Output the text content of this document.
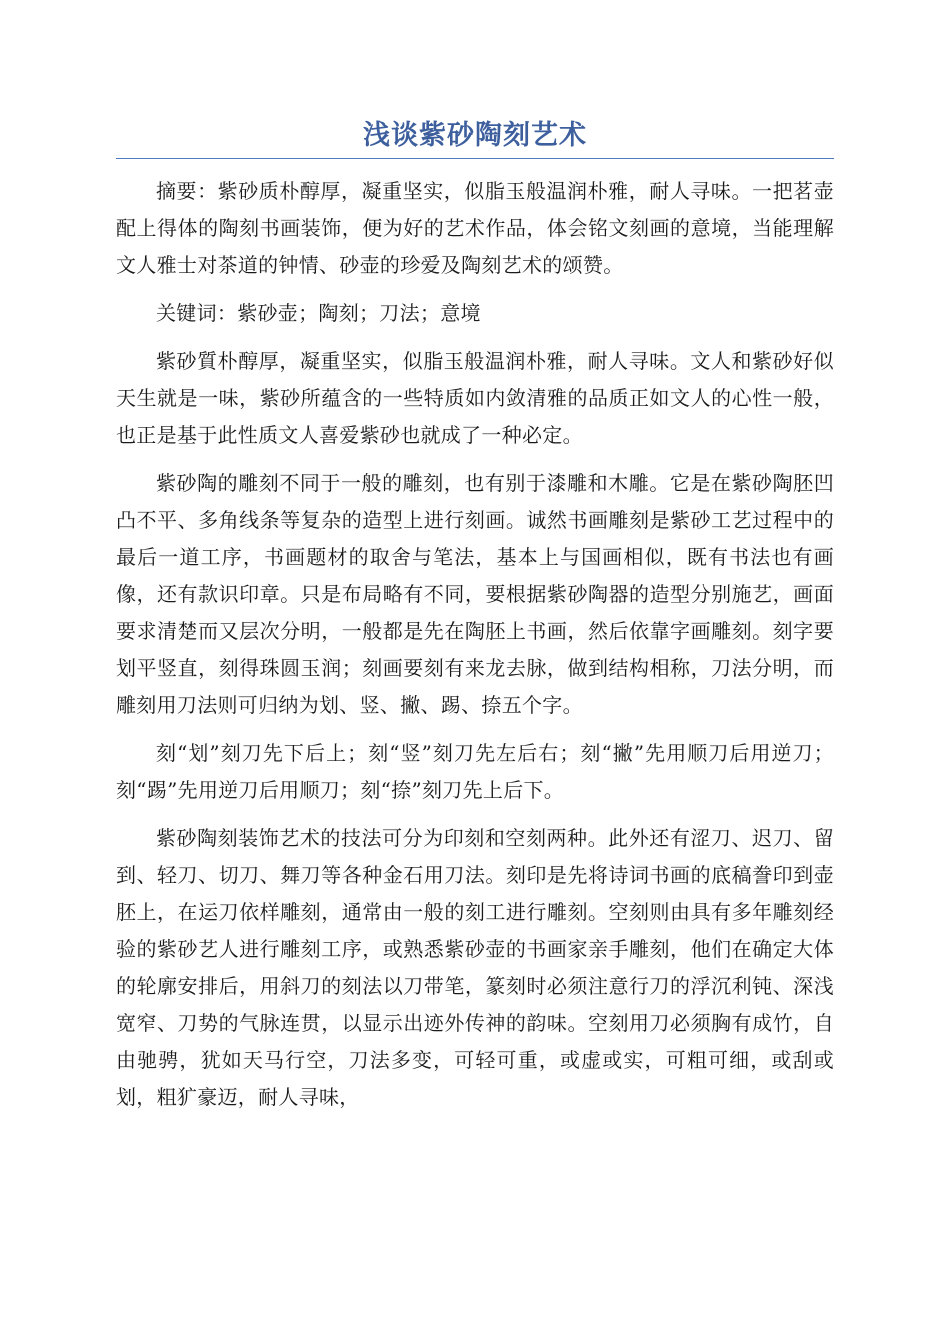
浅谈紫砂陶刻艺术

摘要：紫砂质朴醇厚，凝重坚实，似脂玉般温润朴雅，耐人寻味。一把茗壶配上得体的陶刻书画装饰，便为好的艺术作品，体会铭文刻画的意境，当能理解文人雅士对茶道的钟情、砂壶的珍爱及陶刻艺术的颂赞。

关键词：紫砂壶；陶刻；刀法；意境

紫砂質朴醇厚，凝重坚实，似脂玉般温润朴雅，耐人寻味。文人和紫砂好似天生就是一味，紫砂所蕴含的一些特质如内敛清雅的品质正如文人的心性一般，也正是基于此性质文人喜爱紫砂也就成了一种必定。

紫砂陶的雕刻不同于一般的雕刻，也有别于漆雕和木雕。它是在紫砂陶胚凹凸不平、多角线条等复杂的造型上进行刻画。诚然书画雕刻是紫砂工艺过程中的最后一道工序，书画题材的取舍与笔法，基本上与国画相似，既有书法也有画像，还有款识印章。只是布局略有不同，要根据紫砂陶器的造型分别施艺，画面要求清楚而又层次分明，一般都是先在陶胚上书画，然后依靠字画雕刻。刻字要划平竖直，刻得珠圆玉润；刻画要刻有来龙去脉，做到结构相称，刀法分明，而雕刻用刀法则可归纳为划、竖、撇、踢、捺五个字。

刻“划”刻刀先下后上；刻“竖”刻刀先左后右；刻“撇”先用顺刀后用逆刀；刻“踢”先用逆刀后用顺刀；刻“捺”刻刀先上后下。

紫砂陶刻装饰艺术的技法可分为印刻和空刻两种。此外还有涩刀、迟刀、留到、轻刀、切刀、舞刀等各种金石用刀法。刻印是先将诗词书画的底稿誊印到壶胚上，在运刀依样雕刻，通常由一般的刻工进行雕刻。空刻则由具有多年雕刻经验的紫砂艺人进行雕刻工序，或熟悉紫砂壶的书画家亲手雕刻，他们在确定大体的轮廓安排后，用斜刀的刻法以刀带笔，篆刻时必须注意行刀的浮沉利钝、深浅宽窄、刀势的气脉连贯，以显示出迹外传神的韵味。空刻用刀必须胸有成竹，自由驰骋，犹如天马行空，刀法多变，可轻可重，或虚或实，可粗可细，或刮或划，粗犷豪迈，耐人寻味，
